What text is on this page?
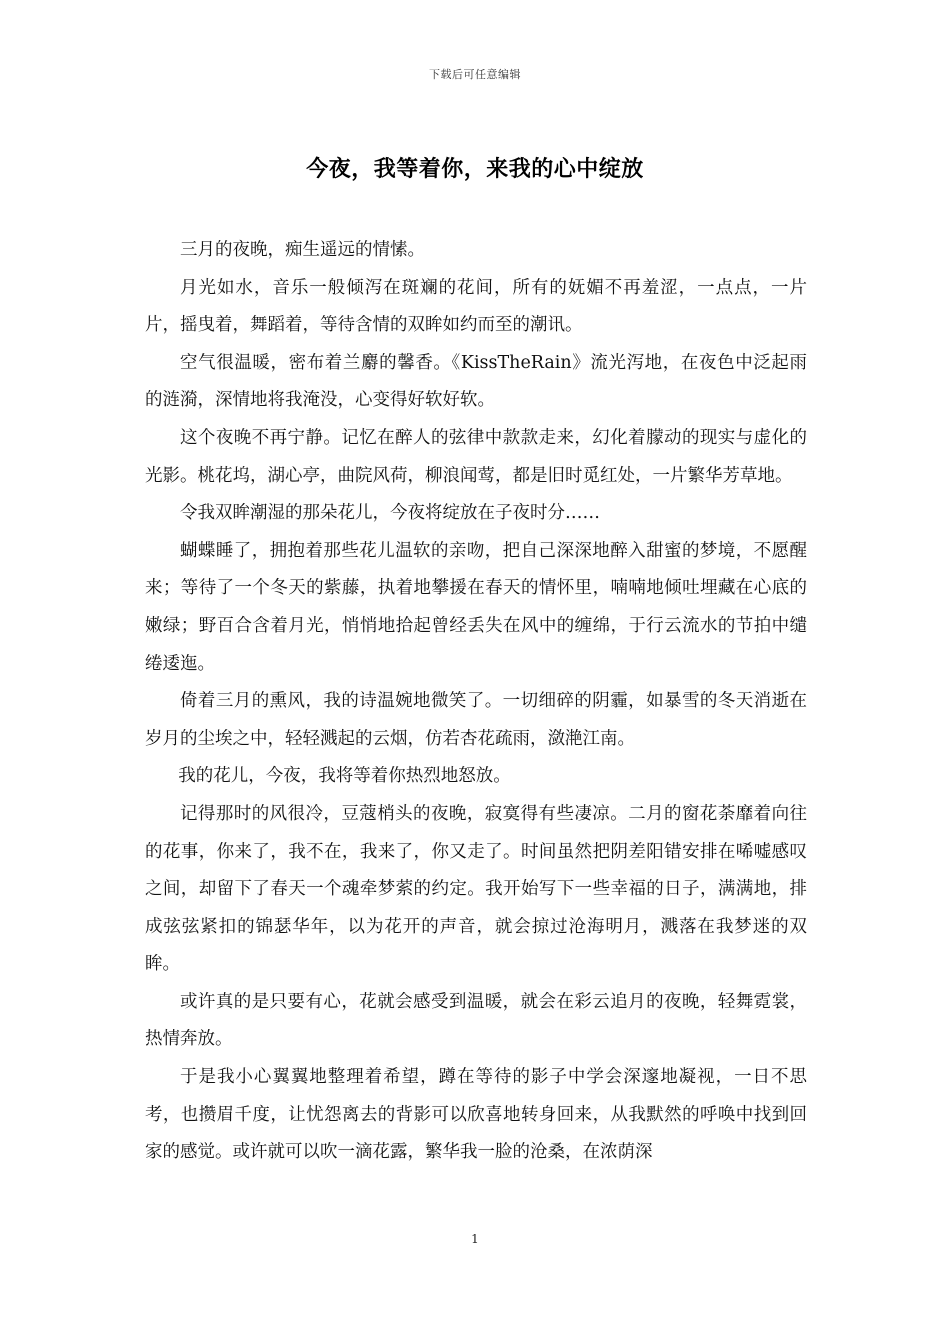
下载后可任意编辑
今夜，我等着你，来我的心中绽放

三月的夜晚，痴生遥远的情愫。

月光如水，音乐一般倾泻在斑斓的花间，所有的妩媚不再羞涩，一点点，一片片，摇曳着，舞蹈着，等待含情的双眸如约而至的潮讯。

空气很温暖，密布着兰麝的馨香。《KissTheRain》流光泻地，在夜色中泛起雨的涟漪，深情地将我淹没，心变得好软好软。

这个夜晚不再宁静。记忆在醉人的弦律中款款走来，幻化着朦动的现实与虚化的光影。桃花坞，湖心亭，曲院风荷，柳浪闻莺，都是旧时觅红处，一片繁华芳草地。

令我双眸潮湿的那朵花儿，今夜将绽放在子夜时分……

蝴蝶睡了，拥抱着那些花儿温软的亲吻，把自己深深地醉入甜蜜的梦境，不愿醒来；等待了一个冬天的紫藤，执着地攀援在春天的情怀里，喃喃地倾吐埋藏在心底的嫩绿；野百合含着月光，悄悄地拾起曾经丢失在风中的缠绵，于行云流水的节拍中缱绻逶迤。

倚着三月的熏风，我的诗温婉地微笑了。一切细碎的阴霾，如暴雪的冬天消逝在岁月的尘埃之中，轻轻溅起的云烟，仿若杏花疏雨，潋滟江南。

我的花儿，今夜，我将等着你热烈地怒放。

记得那时的风很冷，豆蔻梢头的夜晚，寂寞得有些凄凉。二月的窗花荼靡着向往的花事，你来了，我不在，我来了，你又走了。时间虽然把阴差阳错安排在唏嘘感叹之间，却留下了春天一个魂牵梦萦的约定。我开始写下一些幸福的日子，满满地，排成弦弦紧扣的锦瑟华年，以为花开的声音，就会掠过沧海明月，溅落在我梦迷的双眸。

或许真的是只要有心，花就会感受到温暖，就会在彩云追月的夜晚，轻舞霓裳，热情奔放。

于是我小心翼翼地整理着希望，蹲在等待的影子中学会深邃地凝视，一日不思考，也攒眉千度，让忧怨离去的背影可以欣喜地转身回来，从我默然的呼唤中找到回家的感觉。或许就可以吹一滴花露，繁华我一脸的沧桑，在浓荫深

1
